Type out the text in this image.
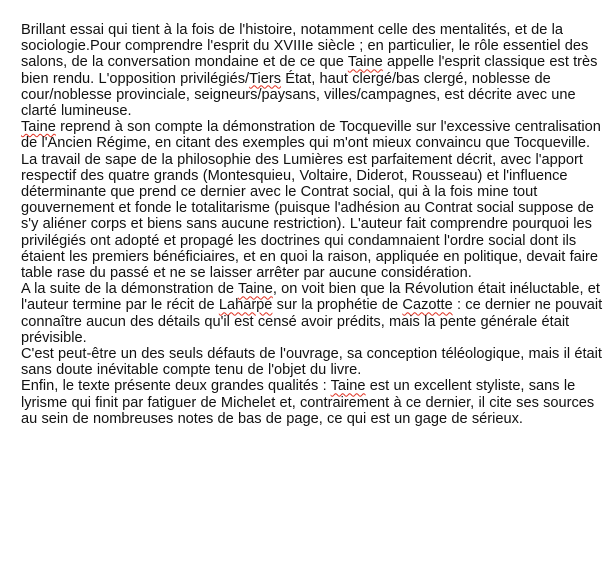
Brillant essai qui tient à la fois de l'histoire, notamment celle des mentalités, et de la sociologie.Pour comprendre l'esprit du XVIIIe siècle ; en particulier, le rôle essentiel des salons, de la conversation mondaine et de ce que Taine appelle l'esprit classique est très bien rendu. L'opposition privilégiés/Tiers État, haut clergé/bas clergé, noblesse de cour/noblesse provinciale, seigneurs/paysans, villes/campagnes, est décrite avec une clarté lumineuse.

Taine reprend à son compte la démonstration de Tocqueville sur l'excessive centralisation de l'Ancien Régime, en citant des exemples qui m'ont mieux convaincu que Tocqueville. La travail de sape de la philosophie des Lumières est parfaitement décrit, avec l'apport respectif des quatre grands (Montesquieu, Voltaire, Diderot, Rousseau) et l'influence déterminante que prend ce dernier avec le Contrat social, qui à la fois mine tout gouvernement et fonde le totalitarisme (puisque l'adhésion au Contrat social suppose de s'y aliéner corps et biens sans aucune restriction). L'auteur fait comprendre pourquoi les privilégiés ont adopté et propagé les doctrines qui condamnaient l'ordre social dont ils étaient les premiers bénéficiaires, et en quoi la raison, appliquée en politique, devait faire table rase du passé et ne se laisser arrêter par aucune considération.

A la suite de la démonstration de Taine, on voit bien que la Révolution était inéluctable, et l'auteur termine par le récit de Laharpe sur la prophétie de Cazotte : ce dernier ne pouvait connaître aucun des détails qu'il est censé avoir prédits, mais la pente générale était prévisible.

C'est peut-être un des seuls défauts de l'ouvrage, sa conception téléologique, mais il était sans doute inévitable compte tenu de l'objet du livre.

Enfin, le texte présente deux grandes qualités : Taine est un excellent styliste, sans le lyrisme qui finit par fatiguer de Michelet et, contrairement à ce dernier, il cite ses sources au sein de nombreuses notes de bas de page, ce qui est un gage de sérieux.
